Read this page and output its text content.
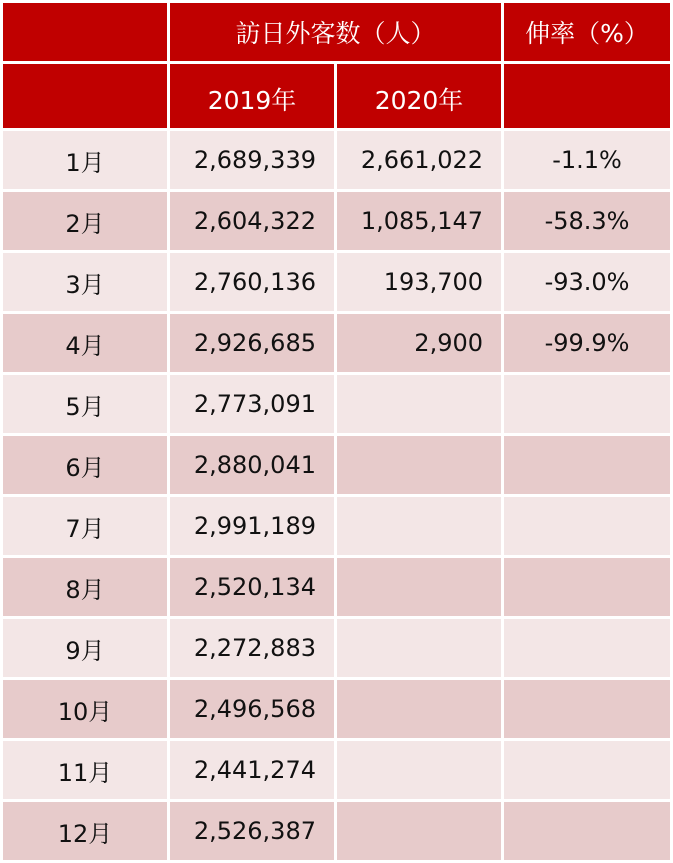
	訪日外客数（人）		伸率（%）
	2019年	2020年	
1月	2,689,339	2,661,022	-1.1%
2月	2,604,322	1,085,147	-58.3%
3月	2,760,136	193,700	-93.0%
4月	2,926,685	2,900	-99.9%
5月	2,773,091		
6月	2,880,041		
7月	2,991,189		
8月	2,520,134		
9月	2,272,883		
10月	2,496,568		
11月	2,441,274		
12月	2,526,387		
